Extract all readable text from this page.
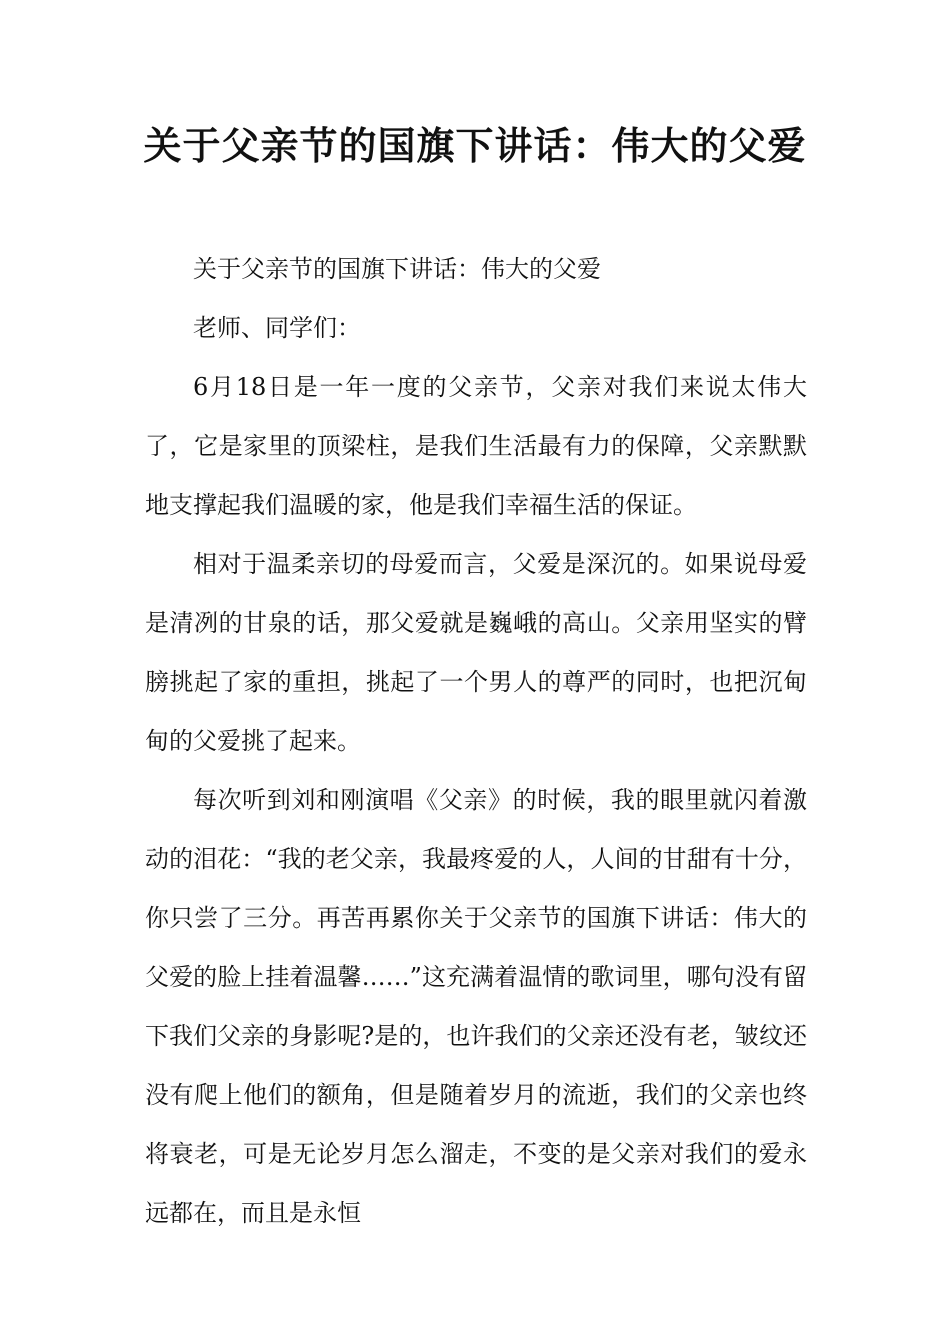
关于父亲节的国旗下讲话：伟大的父爱

关于父亲节的国旗下讲话：伟大的父爱

老师、同学们：

6月18日是一年一度的父亲节，父亲对我们来说太伟大了，它是家里的顶梁柱，是我们生活最有力的保障，父亲默默地支撑起我们温暖的家，他是我们幸福生活的保证。

相对于温柔亲切的母爱而言，父爱是深沉的。如果说母爱是清冽的甘泉的话，那父爱就是巍峨的高山。父亲用坚实的臂膀挑起了家的重担，挑起了一个男人的尊严的同时，也把沉甸甸的父爱挑了起来。

每次听到刘和刚演唱《父亲》的时候，我的眼里就闪着激动的泪花：“我的老父亲，我最疼爱的人，人间的甘甜有十分，你只尝了三分。再苦再累你关于父亲节的国旗下讲话：伟大的父爱的脸上挂着温馨……”这充满着温情的歌词里，哪句没有留下我们父亲的身影呢?是的，也许我们的父亲还没有老，皱纹还没有爬上他们的额角，但是随着岁月的流逝，我们的父亲也终将衰老，可是无论岁月怎么溜走，不变的是父亲对我们的爱永远都在，而且是永恒
